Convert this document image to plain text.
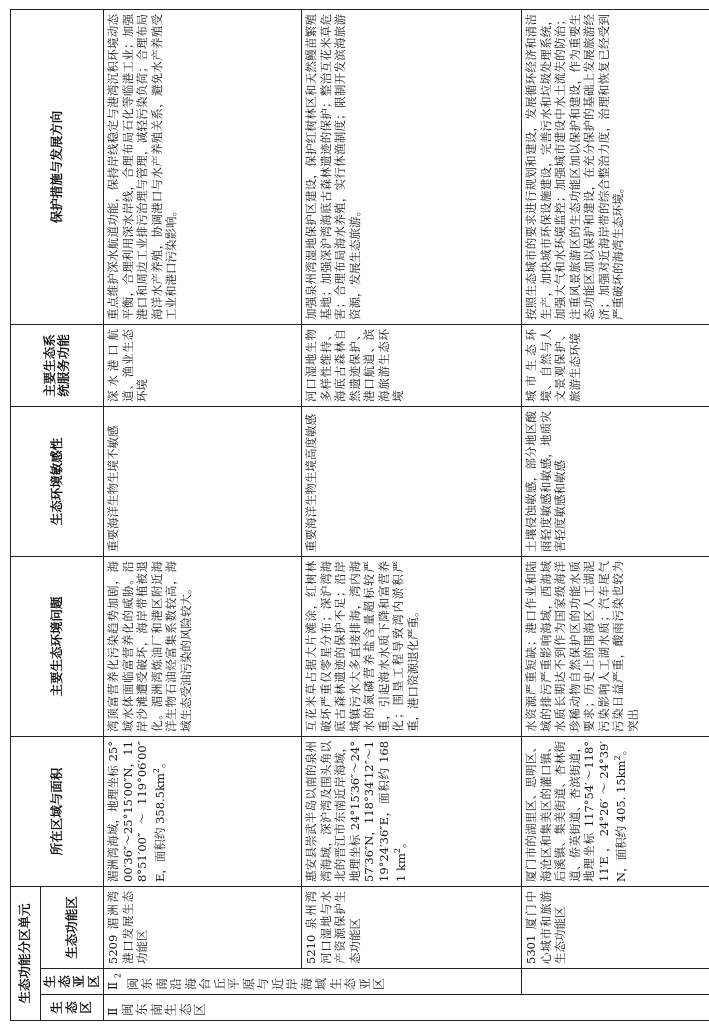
生态功能分区单元			所在区域与面积	主要生态环境问题	生态环境敏感性	主要生态系统服务功能	保护措施与发展方向
生态区	生态亚区	生态功能区					
Ⅱ闽东南生态区	$Ⅱ_2$闽东南沿海台丘平原与近岸海域生态亚区	5209 湄洲湾港口发展生态功能区	湄洲湾海域，地理坐标 25°00′36″～25°15′00″N，118°51′00″～119°06′00″E，面积约 $358.5km^2$。	湾顶富营养化污染趋势加剧，海域水体面临富营养化的威胁。沿岸沙滩遭受破坏，海岸带植被退化。湄洲湾炼油厂和港区附近海洋生物石油烃富集系数较高，海域生态受油污染的风险较大。	重要海洋生物生境不敏感	深水港口航道、渔业生态环境	重点维护深水航道功能，保持岸线稳定与港湾沉积环境动态平衡，合理利用深水岸线，合理布局石化等临港工业；加强港口和周边工业排污治理与管理，减轻污染负荷；合理布局海洋水产养殖，协调港口与水产养殖关系，避免水产养殖受工业和港口污染影响。
		5210 泉州湾河口湿地与水产资源保护生态功能区	惠安县崇武半岛以南的泉州湾海域，深沪湾及围头角以北的晋江市东南近岸海域，地理坐标 24°15′36″～24°57′36″N，118°34′12″～119°24′36″E，面积约 1681 $km^2$。	互花米草占据大片滩涂，红树林破坏严重仅零星分布；深沪湾海底古森林遗迹的保护不足；沿岸城镇污水大多直接排海，湾内海水的氮磷营养盐含量超标较严重，引起海水水质下降和富营养化；围垦工程导致湾内淤积严重，港口资源退化严重。	重要海洋生物生境高度敏感	河口湿地生物多样性维持、海底古森林自然遗迹保护、港口航道、滨海旅游生态环境	加强泉州湾湿地保护区建设，保护红树林区和天然鳗苗繁殖基地；加强深沪湾海底古森林遗迹的保护；整治互花米草危害；合理布局海水养殖，实行休渔制度；限制开发滨海旅游资源，发展生态旅游。
		5301 厦门中心城市和旅游生态功能区	厦门市的湖里区、思明区、海沧区和集美区的灌口镇、后溪镇、集美街道、杏林街道、侨英街道、杏滨街道，地理坐标 117°54′～118°11′E，24°26′～24°39′N，面积约 405. $15km^2$。	水资源严重短缺；港口作业和陆域的排污严重影响海域，西海域水质长期达不到作为国家级海洋珍稀动物自然保护区的功能水质要求；历史上的围海区人工湖泥污染影响人工湖水质；汽车尾气污染日益严重，酸雨污染也较为突出	土壤侵蚀敏感，部分地区酸雨轻度敏感和敏感，地质灾害轻度敏感和敏感	城市生态环境、自然与人文景观保护、旅游生态环境	按照生态城市的要求进行规划和建设，发展循环经济和清洁生产，加快城市环保设施建设，完善污水和垃圾处理系统，加强大气和水环境监控；加强城市建设中水土流失的防治；注重风景旅游区的生态功能区加以保护和建设，作为重要生态功能区加以保护和建设，在充分保护的基础上发展旅游经济；加强对近海岸带的综合整治力度，治理和恢复已经受到严重破坏的海湾生态环境。
